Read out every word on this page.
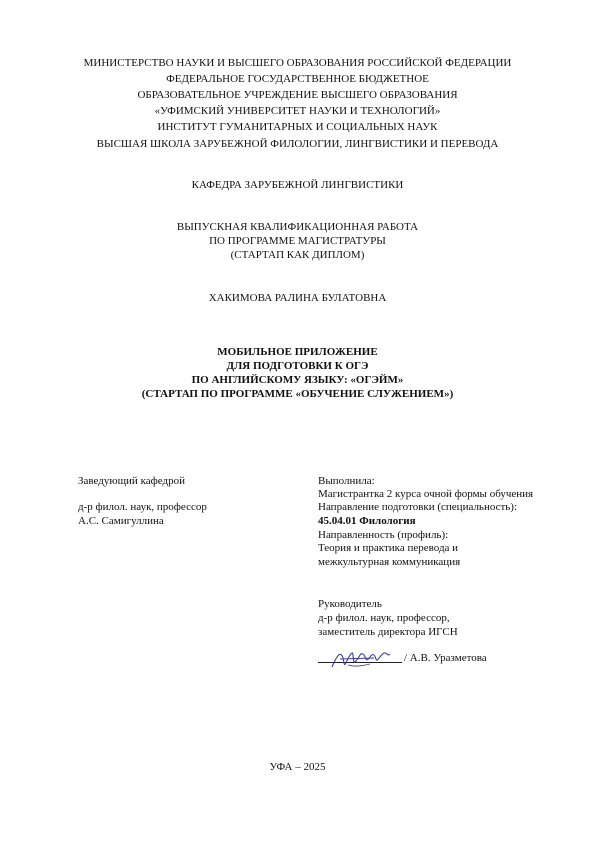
МИНИСТЕРСТВО НАУКИ И ВЫСШЕГО ОБРАЗОВАНИЯ РОССИЙСКОЙ ФЕДЕРАЦИИ
ФЕДЕРАЛЬНОЕ ГОСУДАРСТВЕННОЕ БЮДЖЕТНОЕ
ОБРАЗОВАТЕЛЬНОЕ УЧРЕЖДЕНИЕ ВЫСШЕГО ОБРАЗОВАНИЯ
«УФИМСКИЙ УНИВЕРСИТЕТ НАУКИ И ТЕХНОЛОГИЙ»
ИНСТИТУТ ГУМАНИТАРНЫХ И СОЦИАЛЬНЫХ НАУК
ВЫСШАЯ ШКОЛА ЗАРУБЕЖНОЙ ФИЛОЛОГИИ, ЛИНГВИСТИКИ И ПЕРЕВОДА
КАФЕДРА ЗАРУБЕЖНОЙ ЛИНГВИСТИКИ
ВЫПУСКНАЯ КВАЛИФИКАЦИОННАЯ РАБОТА
ПО ПРОГРАММЕ МАГИСТРАТУРЫ
(СТАРТАП КАК ДИПЛОМ)
ХАКИМОВА РАЛИНА БУЛАТОВНА
МОБИЛЬНОЕ ПРИЛОЖЕНИЕ
ДЛЯ ПОДГОТОВКИ К ОГЭ
ПО АНГЛИЙСКОМУ ЯЗЫКУ: «ОГЭЙМ»
(СТАРТАП ПО ПРОГРАММЕ «ОБУЧЕНИЕ СЛУЖЕНИЕМ»)
Заведующий кафедрой
д-р филол. наук, профессор
А.С. Самигуллина
Выполнила:
Магистрантка 2 курса очной формы обучения
Направление подготовки (специальность):
45.04.01 Филология
Направленность (профиль):
Теория и практика перевода и
межкультурная коммуникация
Руководитель
д-р филол. наук, профессор,
заместитель директора ИГСН
/ А.В. Уразметова
УФА – 2025
